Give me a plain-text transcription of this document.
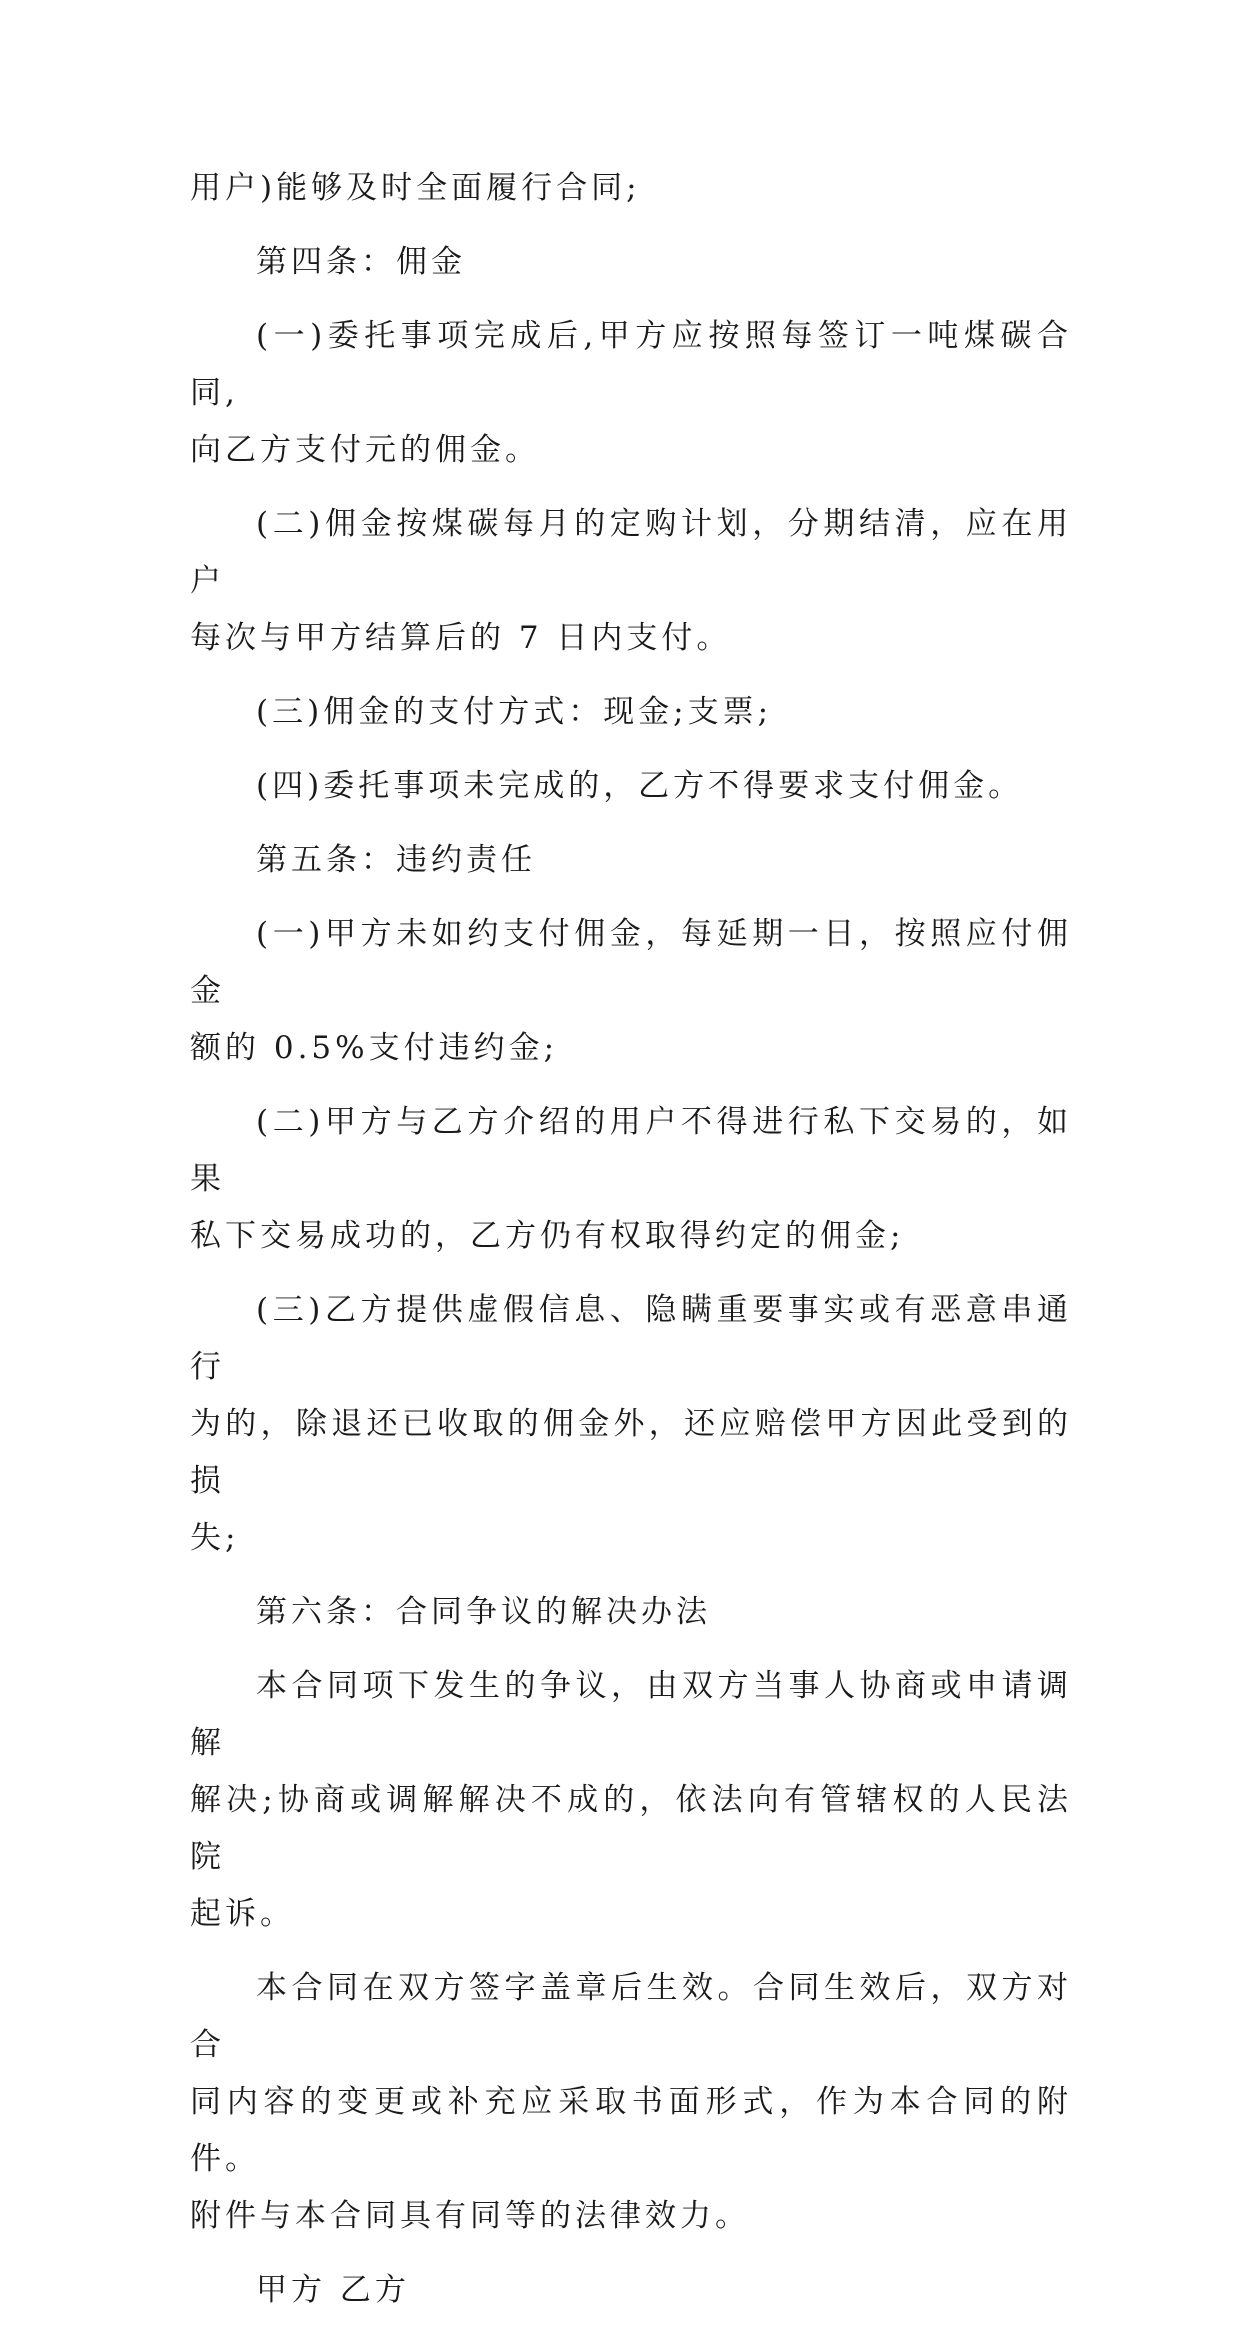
用户)能够及时全面履行合同;
第四条：佣金
(一)委托事项完成后,甲方应按照每签订一吨煤碳合同,
向乙方支付元的佣金。
(二)佣金按煤碳每月的定购计划，分期结清，应在用户
每次与甲方结算后的 7 日内支付。
(三)佣金的支付方式：现金;支票;
(四)委托事项未完成的，乙方不得要求支付佣金。
第五条：违约责任
(一)甲方未如约支付佣金，每延期一日，按照应付佣金
额的 0.5%支付违约金;
(二)甲方与乙方介绍的用户不得进行私下交易的，如果
私下交易成功的，乙方仍有权取得约定的佣金;
(三)乙方提供虚假信息、隐瞒重要事实或有恶意串通行
为的，除退还已收取的佣金外，还应赔偿甲方因此受到的损
失;
第六条：合同争议的解决办法
本合同项下发生的争议，由双方当事人协商或申请调解
解决;协商或调解解决不成的，依法向有管辖权的人民法院
起诉。
本合同在双方签字盖章后生效。合同生效后，双方对合
同内容的变更或补充应采取书面形式，作为本合同的附件。
附件与本合同具有同等的法律效力。
甲方 乙方
